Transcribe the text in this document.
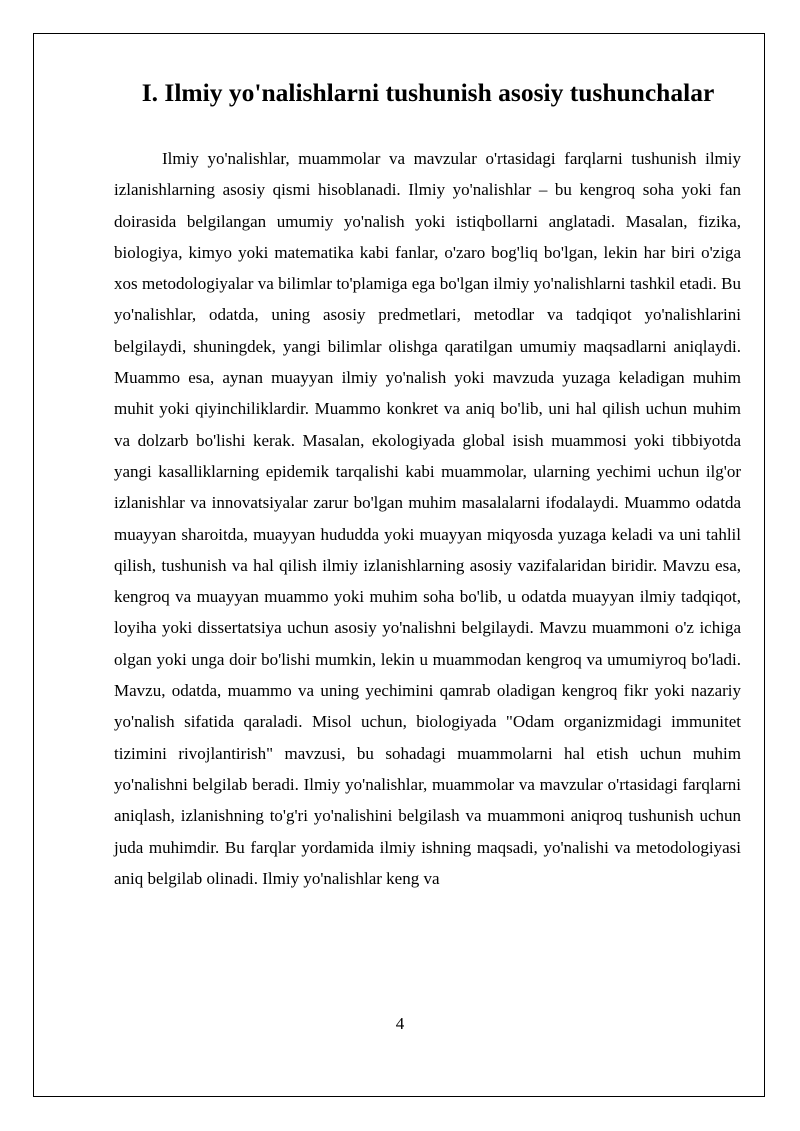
I. Ilmiy yo'nalishlarni tushunish asosiy tushunchalar

Ilmiy yo'nalishlar, muammolar va mavzular o'rtasidagi farqlarni tushunish ilmiy izlanishlarning asosiy qismi hisoblanadi. Ilmiy yo'nalishlar – bu kengroq soha yoki fan doirasida belgilangan umumiy yo'nalish yoki istiqbollarni anglatadi. Masalan, fizika, biologiya, kimyo yoki matematika kabi fanlar, o'zaro bog'liq bo'lgan, lekin har biri o'ziga xos metodologiyalar va bilimlar to'plamiga ega bo'lgan ilmiy yo'nalishlarni tashkil etadi. Bu yo'nalishlar, odatda, uning asosiy predmetlari, metodlar va tadqiqot yo'nalishlarini belgilaydi, shuningdek, yangi bilimlar olishga qaratilgan umumiy maqsadlarni aniqlaydi. Muammo esa, aynan muayyan ilmiy yo'nalish yoki mavzuda yuzaga keladigan muhim muhit yoki qiyinchiliklardir. Muammo konkret va aniq bo'lib, uni hal qilish uchun muhim va dolzarb bo'lishi kerak. Masalan, ekologiyada global isish muammosi yoki tibbiyotda yangi kasalliklarning epidemik tarqalishi kabi muammolar, ularning yechimi uchun ilg'or izlanishlar va innovatsiyalar zarur bo'lgan muhim masalalarni ifodalaydi. Muammo odatda muayyan sharoitda, muayyan hududda yoki muayyan miqyosda yuzaga keladi va uni tahlil qilish, tushunish va hal qilish ilmiy izlanishlarning asosiy vazifalaridan biridir. Mavzu esa, kengroq va muayyan muammo yoki muhim soha bo'lib, u odatda muayyan ilmiy tadqiqot, loyiha yoki dissertatsiya uchun asosiy yo'nalishni belgilaydi. Mavzu muammoni o'z ichiga olgan yoki unga doir bo'lishi mumkin, lekin u muammodan kengroq va umumiyroq bo'ladi. Mavzu, odatda, muammo va uning yechimini qamrab oladigan kengroq fikr yoki nazariy yo'nalish sifatida qaraladi. Misol uchun, biologiyada "Odam organizmidagi immunitet tizimini rivojlantirish" mavzusi, bu sohadagi muammolarni hal etish uchun muhim yo'nalishni belgilab beradi. Ilmiy yo'nalishlar, muammolar va mavzular o'rtasidagi farqlarni aniqlash, izlanishning to'g'ri yo'nalishini belgilash va muammoni aniqroq tushunish uchun juda muhimdir. Bu farqlar yordamida ilmiy ishning maqsadi, yo'nalishi va metodologiyasi aniq belgilab olinadi. Ilmiy yo'nalishlar keng va

4
